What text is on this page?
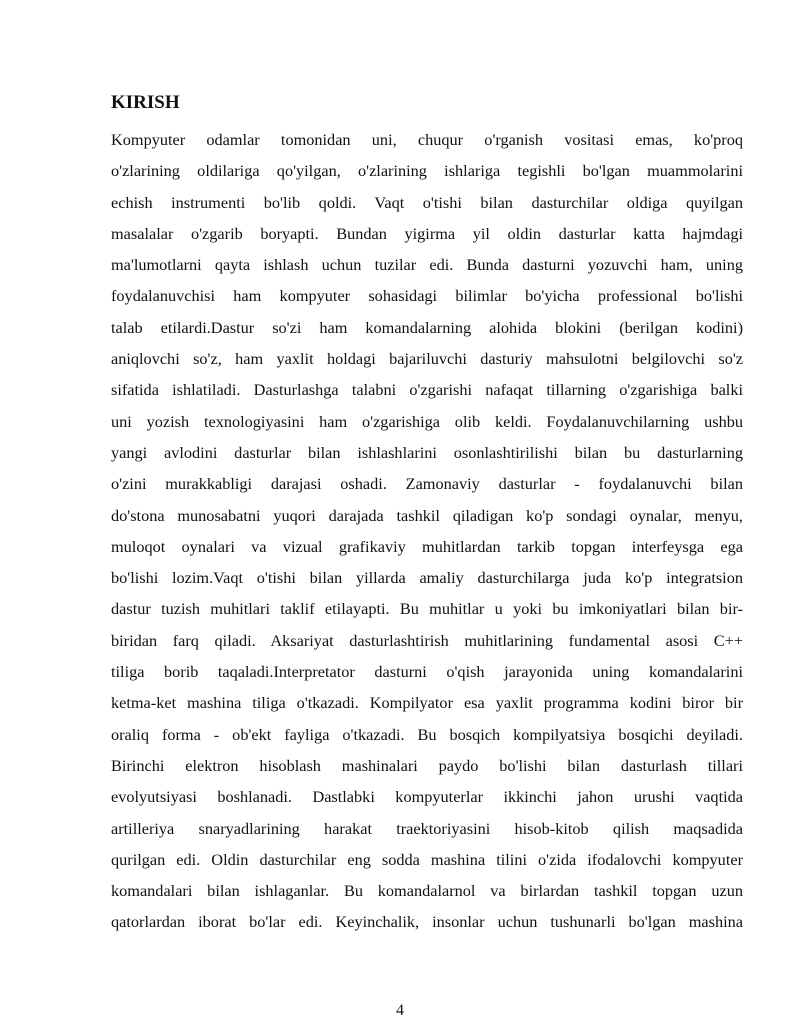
KIRISH
Kompyuter odamlar tomonidan uni, chuqur o'rganish vositasi emas, ko'proq
o'zlarining oldilariga qo'yilgan, o'zlarining ishlariga tegishli bo'lgan muammolarini
echish instrumenti bo'lib qoldi. Vaqt o'tishi bilan dasturchilar oldiga quyilgan
masalalar o'zgarib boryapti. Bundan yigirma yil oldin dasturlar katta hajmdagi
ma'lumotlarni qayta ishlash uchun tuzilar edi. Bunda dasturni yozuvchi ham, uning
foydalanuvchisi ham kompyuter sohasidagi bilimlar bo'yicha professional bo'lishi
talab etilardi.Dastur so'zi ham komandalarning alohida blokini (berilgan kodini)
aniqlovchi so'z, ham yaxlit holdagi bajariluvchi dasturiy mahsulotni belgilovchi so'z
sifatida ishlatiladi. Dasturlashga talabni o'zgarishi nafaqat tillarning o'zgarishiga balki
uni yozish texnologiyasini ham o'zgarishiga olib keldi. Foydalanuvchilarning ushbu
yangi avlodini dasturlar bilan ishlashlarini osonlashtirilishi bilan bu dasturlarning
o'zini murakkabligi darajasi oshadi. Zamonaviy dasturlar - foydalanuvchi bilan
do'stona munosabatni yuqori darajada tashkil qiladigan ko'p sondagi oynalar, menyu,
muloqot oynalari va vizual grafikaviy muhitlardan tarkib topgan interfeysga ega
bo'lishi lozim.Vaqt o'tishi bilan yillarda amaliy dasturchilarga juda ko'p integratsion
dastur tuzish muhitlari taklif etilayapti. Bu muhitlar u yoki bu imkoniyatlari bilan bir-
biridan farq qiladi. Aksariyat dasturlashtirish muhitlarining fundamental asosi C++
tiliga borib taqaladi.Interpretator dasturni o'qish jarayonida uning komandalarini
ketma-ket mashina tiliga o'tkazadi. Kompilyator esa yaxlit programma kodini biror bir
oraliq forma - ob'ekt fayliga o'tkazadi. Bu bosqich kompilyatsiya bosqichi deyiladi.
Birinchi elektron hisoblash mashinalari paydo bo'lishi bilan dasturlash tillari
evolyutsiyasi boshlanadi. Dastlabki kompyuterlar ikkinchi jahon urushi vaqtida
artilleriya snaryadlarining harakat traektoriyasini hisob-kitob qilish maqsadida
qurilgan edi. Oldin dasturchilar eng sodda mashina tilini o'zida ifodalovchi kompyuter
komandalari bilan ishlaganlar. Bu komandalarnol va birlardan tashkil topgan uzun
qatorlardan iborat bo'lar edi. Keyinchalik, insonlar uchun tushunarli bo'lgan mashina
4
